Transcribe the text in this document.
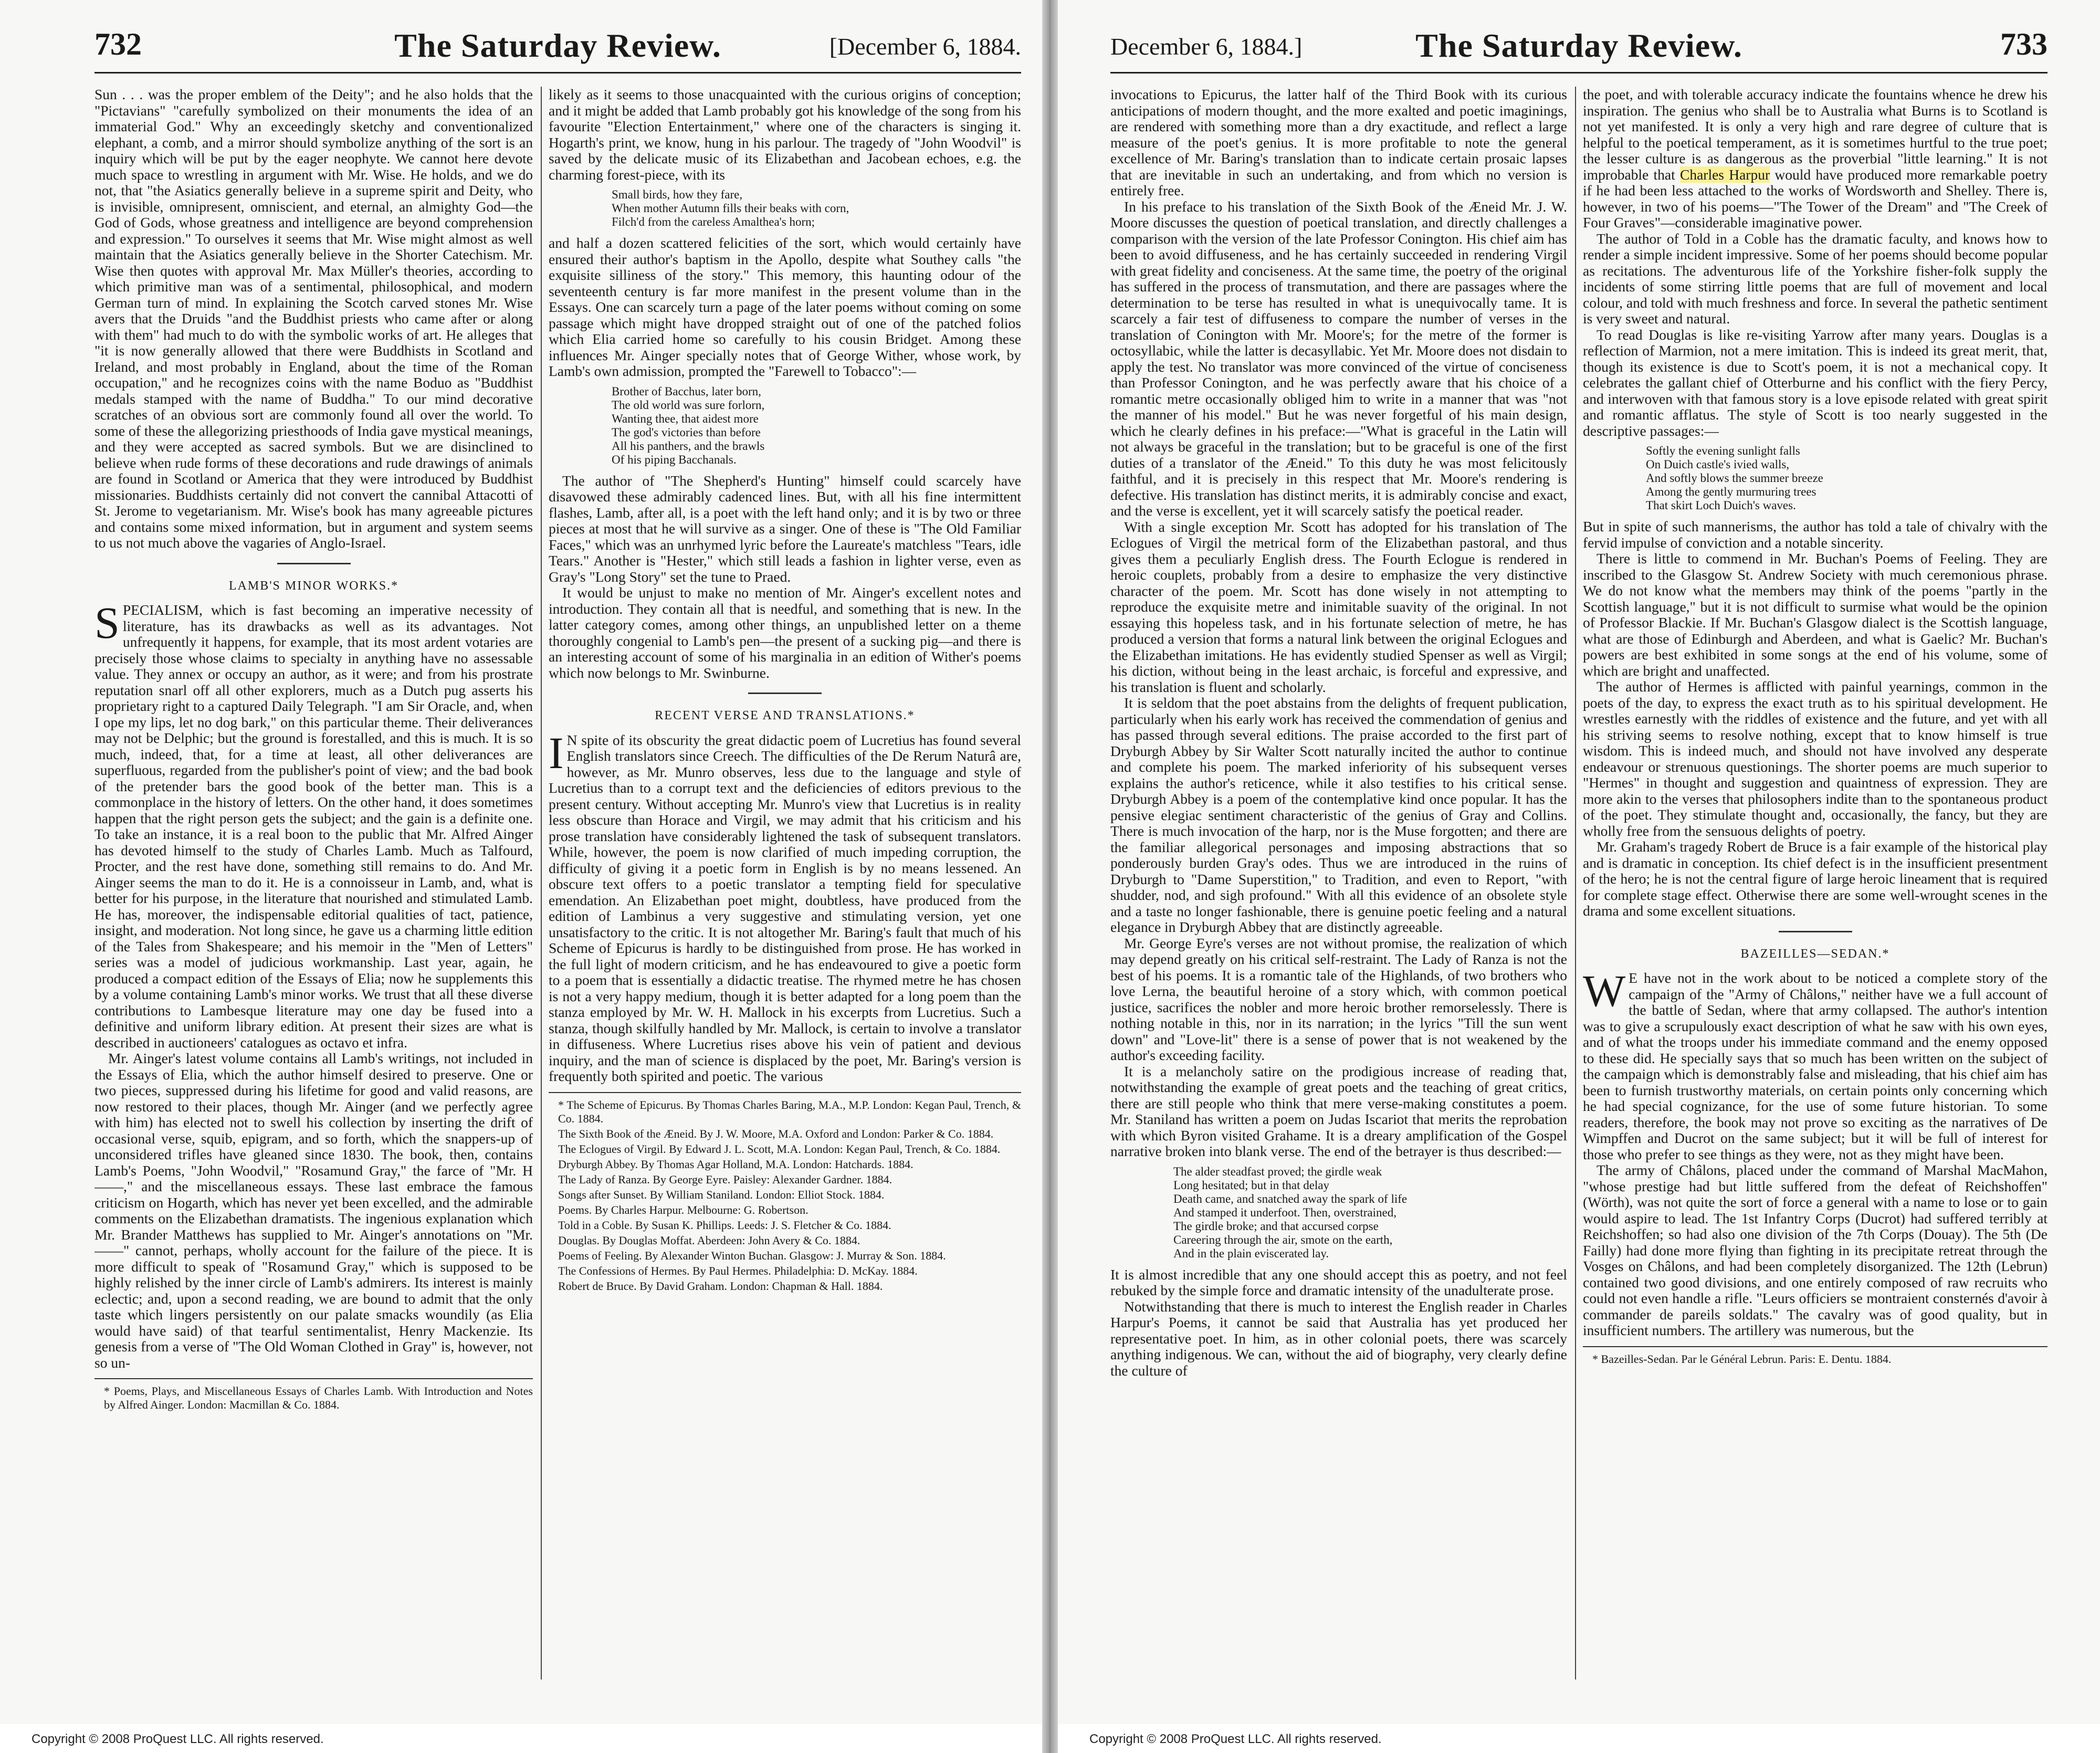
732	The Saturday Review.	[December 6, 1884.

Sun . . . was the proper emblem of the Deity"; and he also holds that the "Pictavians" "carefully symbolized on their monuments the idea of an immaterial God." Why an exceedingly sketchy and conventionalized elephant, a comb, and a mirror should symbolize anything of the sort is an inquiry which will be put by the eager neophyte. We cannot here devote much space to wrestling in argument with Mr. Wise. He holds, and we do not, that "the Asiatics generally believe in a supreme spirit and Deity, who is invisible, omnipresent, omniscient, and eternal, an almighty God—the God of Gods, whose greatness and intelligence are beyond comprehension and expression." To ourselves it seems that Mr. Wise might almost as well maintain that the Asiatics generally believe in the Shorter Catechism. Mr. Wise then quotes with approval Mr. Max Müller's theories, according to which primitive man was of a sentimental, philosophical, and modern German turn of mind. In explaining the Scotch carved stones Mr. Wise avers that the Druids "and the Buddhist priests who came after or along with them" had much to do with the symbolic works of art. He alleges that "it is now generally allowed that there were Buddhists in Scotland and Ireland, and most probably in England, about the time of the Roman occupation," and he recognizes coins with the name Boduo as "Buddhist medals stamped with the name of Buddha." To our mind decorative scratches of an obvious sort are commonly found all over the world. To some of these the allegorizing priesthoods of India gave mystical meanings, and they were accepted as sacred symbols. But we are disinclined to believe when rude forms of these decorations and rude drawings of animals are found in Scotland or America that they were introduced by Buddhist missionaries. Buddhists certainly did not convert the cannibal Attacotti of St. Jerome to vegetarianism. Mr. Wise's book has many agreeable pictures and contains some mixed information, but in argument and system seems to us not much above the vagaries of Anglo-Israel.

LAMB'S MINOR WORKS.*

SPECIALISM, which is fast becoming an imperative necessity of literature, has its drawbacks as well as its advantages. Not unfrequently it happens, for example, that its most ardent votaries are precisely those whose claims to specialty in anything have no assessable value. They annex or occupy an author, as it were; and from his prostrate reputation snarl off all other explorers, much as a Dutch pug asserts his proprietary right to a captured Daily Telegraph. "I am Sir Oracle, and, when I ope my lips, let no dog bark," on this particular theme. Their deliverances may not be Delphic; but the ground is forestalled, and this is much. It is so much, indeed, that, for a time at least, all other deliverances are superfluous, regarded from the publisher's point of view; and the bad book of the pretender bars the good book of the better man. This is a commonplace in the history of letters. On the other hand, it does sometimes happen that the right person gets the subject; and the gain is a definite one. To take an instance, it is a real boon to the public that Mr. Alfred Ainger has devoted himself to the study of Charles Lamb. Much as Talfourd, Procter, and the rest have done, something still remains to do. And Mr. Ainger seems the man to do it. He is a connoisseur in Lamb, and, what is better for his purpose, in the literature that nourished and stimulated Lamb. He has, moreover, the indispensable editorial qualities of tact, patience, insight, and moderation. Not long since, he gave us a charming little edition of the Tales from Shakespeare; and his memoir in the "Men of Letters" series was a model of judicious workmanship. Last year, again, he produced a compact edition of the Essays of Elia; now he supplements this by a volume containing Lamb's minor works. We trust that all these diverse contributions to Lambesque literature may one day be fused into a definitive and uniform library edition. At present their sizes are what is described in auctioneers' catalogues as octavo et infra.

Mr. Ainger's latest volume contains all Lamb's writings, not included in the Essays of Elia, which the author himself desired to preserve. One or two pieces, suppressed during his lifetime for good and valid reasons, are now restored to their places, though Mr. Ainger (and we perfectly agree with him) has elected not to swell his collection by inserting the drift of occasional verse, squib, epigram, and so forth, which the snappers-up of unconsidered trifles have gleaned since 1830. The book, then, contains Lamb's Poems, "John Woodvil," "Rosamund Gray," the farce of "Mr. H——," and the miscellaneous essays. These last embrace the famous criticism on Hogarth, which has never yet been excelled, and the admirable comments on the Elizabethan dramatists. The ingenious explanation which Mr. Brander Matthews has supplied to Mr. Ainger's annotations on "Mr. ——" cannot, perhaps, wholly account for the failure of the piece. It is more difficult to speak of "Rosamund Gray," which is supposed to be highly relished by the inner circle of Lamb's admirers. Its interest is mainly eclectic; and, upon a second reading, we are bound to admit that the only taste which lingers persistently on our palate smacks woundily (as Elia would have said) of that tearful sentimentalist, Henry Mackenzie. Its genesis from a verse of "The Old Woman Clothed in Gray" is, however, not so un-

* Poems, Plays, and Miscellaneous Essays of Charles Lamb. With Introduction and Notes by Alfred Ainger. London: Macmillan & Co. 1884.

likely as it seems to those unacquainted with the curious origins of conception; and it might be added that Lamb probably got his knowledge of the song from his favourite "Election Entertainment," where one of the characters is singing it. Hogarth's print, we know, hung in his parlour. The tragedy of "John Woodvil" is saved by the delicate music of its Elizabethan and Jacobean echoes, e.g. the charming forest-piece, with its

Small birds, how they fare,
When mother Autumn fills their beaks with corn,
Filch'd from the careless Amalthea's horn;

and half a dozen scattered felicities of the sort, which would certainly have ensured their author's baptism in the Apollo, despite what Southey calls "the exquisite silliness of the story." This memory, this haunting odour of the seventeenth century is far more manifest in the present volume than in the Essays. One can scarcely turn a page of the later poems without coming on some passage which might have dropped straight out of one of the patched folios which Elia carried home so carefully to his cousin Bridget. Among these influences Mr. Ainger specially notes that of George Wither, whose work, by Lamb's own admission, prompted the "Farewell to Tobacco":—

Brother of Bacchus, later born,
The old world was sure forlorn,
Wanting thee, that aidest more
The god's victories than before
All his panthers, and the brawls
Of his piping Bacchanals.

The author of "The Shepherd's Hunting" himself could scarcely have disavowed these admirably cadenced lines. But, with all his fine intermittent flashes, Lamb, after all, is a poet with the left hand only; and it is by two or three pieces at most that he will survive as a singer. One of these is "The Old Familiar Faces," which was an unrhymed lyric before the Laureate's matchless "Tears, idle Tears." Another is "Hester," which still leads a fashion in lighter verse, even as Gray's "Long Story" set the tune to Praed.

It would be unjust to make no mention of Mr. Ainger's excellent notes and introduction. They contain all that is needful, and something that is new. In the latter category comes, among other things, an unpublished letter on a theme thoroughly congenial to Lamb's pen—the present of a sucking pig—and there is an interesting account of some of his marginalia in an edition of Wither's poems which now belongs to Mr. Swinburne.

RECENT VERSE AND TRANSLATIONS.*

I N spite of its obscurity the great didactic poem of Lucretius has found several English translators since Creech. The difficulties of the De Rerum Naturâ are, however, as Mr. Munro observes, less due to the language and style of Lucretius than to a corrupt text and the deficiencies of editors previous to the present century. Without accepting Mr. Munro's view that Lucretius is in reality less obscure than Horace and Virgil, we may admit that his criticism and his prose translation have considerably lightened the task of subsequent translators. While, however, the poem is now clarified of much impeding corruption, the difficulty of giving it a poetic form in English is by no means lessened. An obscure text offers to a poetic translator a tempting field for speculative emendation. An Elizabethan poet might, doubtless, have produced from the edition of Lambinus a very suggestive and stimulating version, yet one unsatisfactory to the critic. It is not altogether Mr. Baring's fault that much of his Scheme of Epicurus is hardly to be distinguished from prose. He has worked in the full light of modern criticism, and he has endeavoured to give a poetic form to a poem that is essentially a didactic treatise. The rhymed metre he has chosen is not a very happy medium, though it is better adapted for a long poem than the stanza employed by Mr. W. H. Mallock in his excerpts from Lucretius. Such a stanza, though skilfully handled by Mr. Mallock, is certain to involve a translator in diffuseness. Where Lucretius rises above his vein of patient and devious inquiry, and the man of science is displaced by the poet, Mr. Baring's version is frequently both spirited and poetic. The various

* The Scheme of Epicurus. By Thomas Charles Baring, M.A., M.P. London: Kegan Paul, Trench, & Co. 1884.

The Sixth Book of the Æneid. By J. W. Moore, M.A. Oxford and London: Parker & Co. 1884.

The Eclogues of Virgil. By Edward J. L. Scott, M.A. London: Kegan Paul, Trench, & Co. 1884.

Dryburgh Abbey. By Thomas Agar Holland, M.A. London: Hatchards. 1884.

The Lady of Ranza. By George Eyre. Paisley: Alexander Gardner. 1884.

Songs after Sunset. By William Staniland. London: Elliot Stock. 1884.

Poems. By Charles Harpur. Melbourne: G. Robertson.

Told in a Coble. By Susan K. Phillips. Leeds: J. S. Fletcher & Co. 1884.

Douglas. By Douglas Moffat. Aberdeen: John Avery & Co. 1884.

Poems of Feeling. By Alexander Winton Buchan. Glasgow: J. Murray & Son. 1884.

The Confessions of Hermes. By Paul Hermes. Philadelphia: D. McKay. 1884.

Robert de Bruce. By David Graham. London: Chapman & Hall. 1884.

Copyright © 2008 ProQuest LLC. All rights reserved.
December 6, 1884.]	The Saturday Review.	733

invocations to Epicurus, the latter half of the Third Book with its curious anticipations of modern thought, and the more exalted and poetic imaginings, are rendered with something more than a dry exactitude, and reflect a large measure of the poet's genius. It is more profitable to note the general excellence of Mr. Baring's translation than to indicate certain prosaic lapses that are inevitable in such an undertaking, and from which no version is entirely free.

In his preface to his translation of the Sixth Book of the Æneid Mr. J. W. Moore discusses the question of poetical translation, and directly challenges a comparison with the version of the late Professor Conington. His chief aim has been to avoid diffuseness, and he has certainly succeeded in rendering Virgil with great fidelity and conciseness. At the same time, the poetry of the original has suffered in the process of transmutation, and there are passages where the determination to be terse has resulted in what is unequivocally tame. It is scarcely a fair test of diffuseness to compare the number of verses in the translation of Conington with Mr. Moore's; for the metre of the former is octosyllabic, while the latter is decasyllabic. Yet Mr. Moore does not disdain to apply the test. No translator was more convinced of the virtue of conciseness than Professor Conington, and he was perfectly aware that his choice of a romantic metre occasionally obliged him to write in a manner that was "not the manner of his model." But he was never forgetful of his main design, which he clearly defines in his preface:—"What is graceful in the Latin will not always be graceful in the translation; but to be graceful is one of the first duties of a translator of the Æneid." To this duty he was most felicitously faithful, and it is precisely in this respect that Mr. Moore's rendering is defective. His translation has distinct merits, it is admirably concise and exact, and the verse is excellent, yet it will scarcely satisfy the poetical reader.

With a single exception Mr. Scott has adopted for his translation of The Eclogues of Virgil the metrical form of the Elizabethan pastoral, and thus gives them a peculiarly English dress. The Fourth Eclogue is rendered in heroic couplets, probably from a desire to emphasize the very distinctive character of the poem. Mr. Scott has done wisely in not attempting to reproduce the exquisite metre and inimitable suavity of the original. In not essaying this hopeless task, and in his fortunate selection of metre, he has produced a version that forms a natural link between the original Eclogues and the Elizabethan imitations. He has evidently studied Spenser as well as Virgil; his diction, without being in the least archaic, is forceful and expressive, and his translation is fluent and scholarly.

It is seldom that the poet abstains from the delights of frequent publication, particularly when his early work has received the commendation of genius and has passed through several editions. The praise accorded to the first part of Dryburgh Abbey by Sir Walter Scott naturally incited the author to continue and complete his poem. The marked inferiority of his subsequent verses explains the author's reticence, while it also testifies to his critical sense. Dryburgh Abbey is a poem of the contemplative kind once popular. It has the pensive elegiac sentiment characteristic of the genius of Gray and Collins. There is much invocation of the harp, nor is the Muse forgotten; and there are the familiar allegorical personages and imposing abstractions that so ponderously burden Gray's odes. Thus we are introduced in the ruins of Dryburgh to "Dame Superstition," to Tradition, and even to Report, "with shudder, nod, and sigh profound." With all this evidence of an obsolete style and a taste no longer fashionable, there is genuine poetic feeling and a natural elegance in Dryburgh Abbey that are distinctly agreeable.

Mr. George Eyre's verses are not without promise, the realization of which may depend greatly on his critical self-restraint. The Lady of Ranza is not the best of his poems. It is a romantic tale of the Highlands, of two brothers who love Lerna, the beautiful heroine of a story which, with common poetical justice, sacrifices the nobler and more heroic brother remorselessly. There is nothing notable in this, nor in its narration; in the lyrics "Till the sun went down" and "Love-lit" there is a sense of power that is not weakened by the author's exceeding facility.

It is a melancholy satire on the prodigious increase of reading that, notwithstanding the example of great poets and the teaching of great critics, there are still people who think that mere verse-making constitutes a poem. Mr. Staniland has written a poem on Judas Iscariot that merits the reprobation with which Byron visited Grahame. It is a dreary amplification of the Gospel narrative broken into blank verse. The end of the betrayer is thus described:—

The alder steadfast proved; the girdle weak
Long hesitated; but in that delay
Death came, and snatched away the spark of life
And stamped it underfoot. Then, overstrained,
The girdle broke; and that accursed corpse
Careering through the air, smote on the earth,
And in the plain eviscerated lay.

It is almost incredible that any one should accept this as poetry, and not feel rebuked by the simple force and dramatic intensity of the unadulterate prose.

Notwithstanding that there is much to interest the English reader in Charles Harpur's Poems, it cannot be said that Australia has yet produced her representative poet. In him, as in other colonial poets, there was scarcely anything indigenous. We can, without the aid of biography, very clearly define the culture of

the poet, and with tolerable accuracy indicate the fountains whence he drew his inspiration. The genius who shall be to Australia what Burns is to Scotland is not yet manifested. It is only a very high and rare degree of culture that is helpful to the poetical temperament, as it is sometimes hurtful to the true poet; the lesser culture is as dangerous as the proverbial "little learning." It is not improbable that Charles Harpur would have produced more remarkable poetry if he had been less attached to the works of Wordsworth and Shelley. There is, however, in two of his poems—"The Tower of the Dream" and "The Creek of Four Graves"—considerable imaginative power.

The author of Told in a Coble has the dramatic faculty, and knows how to render a simple incident impressive. Some of her poems should become popular as recitations. The adventurous life of the Yorkshire fisher-folk supply the incidents of some stirring little poems that are full of movement and local colour, and told with much freshness and force. In several the pathetic sentiment is very sweet and natural.

To read Douglas is like re-visiting Yarrow after many years. Douglas is a reflection of Marmion, not a mere imitation. This is indeed its great merit, that, though its existence is due to Scott's poem, it is not a mechanical copy. It celebrates the gallant chief of Otterburne and his conflict with the fiery Percy, and interwoven with that famous story is a love episode related with great spirit and romantic afflatus. The style of Scott is too nearly suggested in the descriptive passages:—

Softly the evening sunlight falls
On Duich castle's ivied walls,
And softly blows the summer breeze
Among the gently murmuring trees
That skirt Loch Duich's waves.

But in spite of such mannerisms, the author has told a tale of chivalry with the fervid impulse of conviction and a notable sincerity.

There is little to commend in Mr. Buchan's Poems of Feeling. They are inscribed to the Glasgow St. Andrew Society with much ceremonious phrase. We do not know what the members may think of the poems "partly in the Scottish language," but it is not difficult to surmise what would be the opinion of Professor Blackie. If Mr. Buchan's Glasgow dialect is the Scottish language, what are those of Edinburgh and Aberdeen, and what is Gaelic? Mr. Buchan's powers are best exhibited in some songs at the end of his volume, some of which are bright and unaffected.

The author of Hermes is afflicted with painful yearnings, common in the poets of the day, to express the exact truth as to his spiritual development. He wrestles earnestly with the riddles of existence and the future, and yet with all his striving seems to resolve nothing, except that to know himself is true wisdom. This is indeed much, and should not have involved any desperate endeavour or strenuous questionings. The shorter poems are much superior to "Hermes" in thought and suggestion and quaintness of expression. They are more akin to the verses that philosophers indite than to the spontaneous product of the poet. They stimulate thought and, occasionally, the fancy, but they are wholly free from the sensuous delights of poetry.

Mr. Graham's tragedy Robert de Bruce is a fair example of the historical play and is dramatic in conception. Its chief defect is in the insufficient presentment of the hero; he is not the central figure of large heroic lineament that is required for complete stage effect. Otherwise there are some well-wrought scenes in the drama and some excellent situations.

BAZEILLES—SEDAN.*

W E have not in the work about to be noticed a complete story of the campaign of the "Army of Châlons," neither have we a full account of the battle of Sedan, where that army collapsed. The author's intention was to give a scrupulously exact description of what he saw with his own eyes, and of what the troops under his immediate command and the enemy opposed to these did. He specially says that so much has been written on the subject of the campaign which is demonstrably false and misleading, that his chief aim has been to furnish trustworthy materials, on certain points only concerning which he had special cognizance, for the use of some future historian. To some readers, therefore, the book may not prove so exciting as the narratives of De Wimpffen and Ducrot on the same subject; but it will be full of interest for those who prefer to see things as they were, not as they might have been.

The army of Châlons, placed under the command of Marshal MacMahon, "whose prestige had but little suffered from the defeat of Reichshoffen" (Wörth), was not quite the sort of force a general with a name to lose or to gain would aspire to lead. The 1st Infantry Corps (Ducrot) had suffered terribly at Reichshoffen; so had also one division of the 7th Corps (Douay). The 5th (De Failly) had done more flying than fighting in its precipitate retreat through the Vosges on Châlons, and had been completely disorganized. The 12th (Lebrun) contained two good divisions, and one entirely composed of raw recruits who could not even handle a rifle. "Leurs officiers se montraient consternés d'avoir à commander de pareils soldats." The cavalry was of good quality, but in insufficient numbers. The artillery was numerous, but the

* Bazeilles-Sedan. Par le Général Lebrun. Paris: E. Dentu. 1884.

Copyright © 2008 ProQuest LLC. All rights reserved.
